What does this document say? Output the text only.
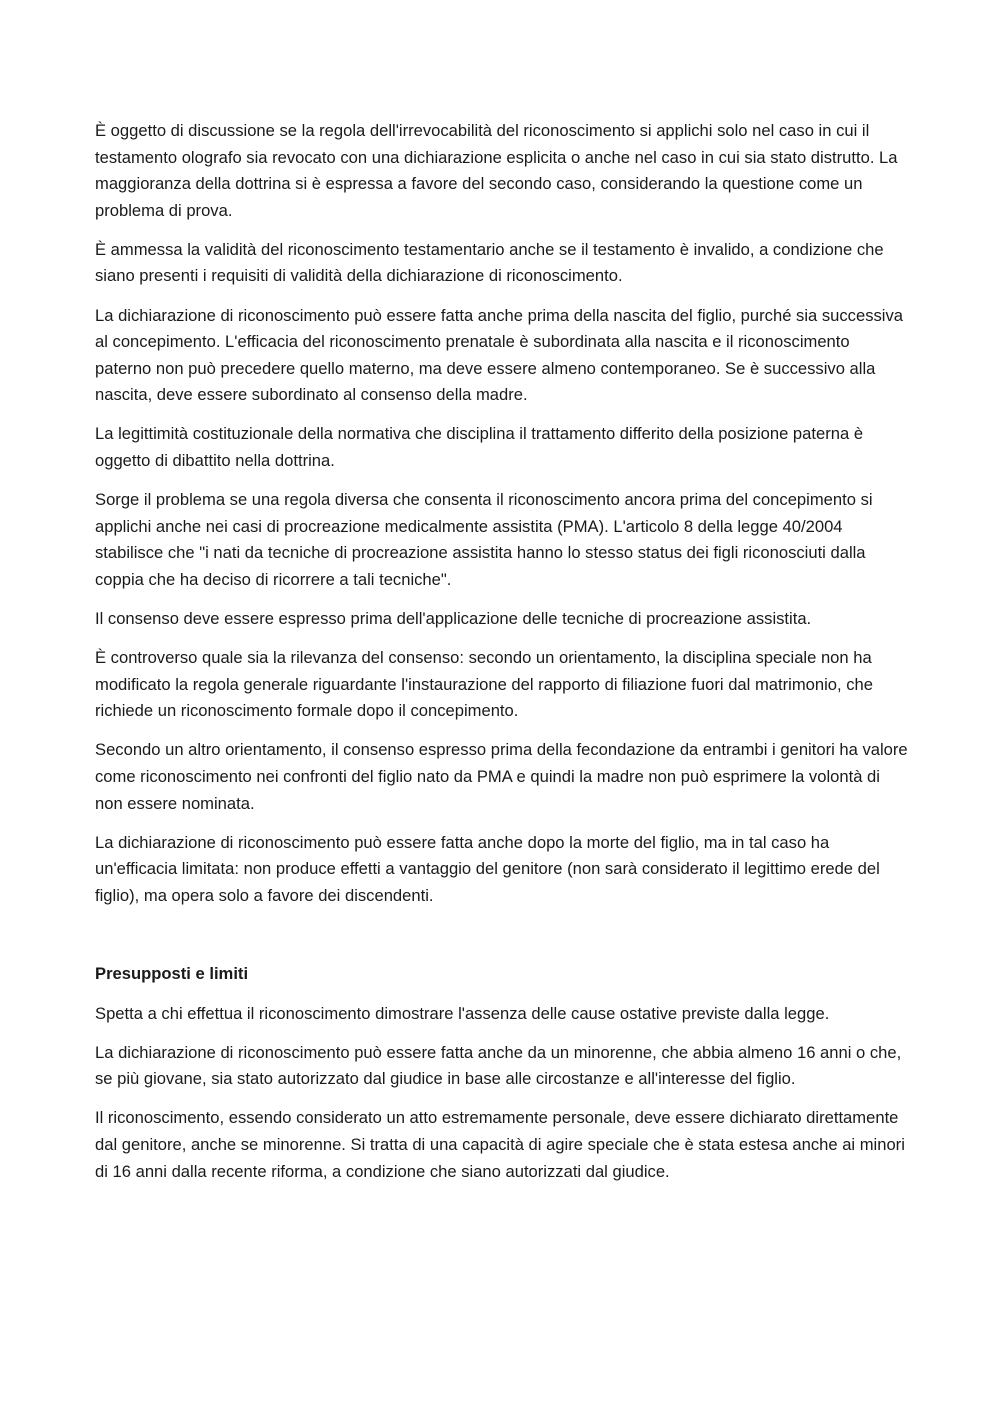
È oggetto di discussione se la regola dell'irrevocabilità del riconoscimento si applichi solo nel caso in cui il testamento olografo sia revocato con una dichiarazione esplicita o anche nel caso in cui sia stato distrutto. La maggioranza della dottrina si è espressa a favore del secondo caso, considerando la questione come un problema di prova.

È ammessa la validità del riconoscimento testamentario anche se il testamento è invalido, a condizione che siano presenti i requisiti di validità della dichiarazione di riconoscimento.

La dichiarazione di riconoscimento può essere fatta anche prima della nascita del figlio, purché sia successiva al concepimento. L'efficacia del riconoscimento prenatale è subordinata alla nascita e il riconoscimento paterno non può precedere quello materno, ma deve essere almeno contemporaneo. Se è successivo alla nascita, deve essere subordinato al consenso della madre.

La legittimità costituzionale della normativa che disciplina il trattamento differito della posizione paterna è oggetto di dibattito nella dottrina.

Sorge il problema se una regola diversa che consenta il riconoscimento ancora prima del concepimento si applichi anche nei casi di procreazione medicalmente assistita (PMA). L'articolo 8 della legge 40/2004 stabilisce che "i nati da tecniche di procreazione assistita hanno lo stesso status dei figli riconosciuti dalla coppia che ha deciso di ricorrere a tali tecniche".

Il consenso deve essere espresso prima dell'applicazione delle tecniche di procreazione assistita.

È controverso quale sia la rilevanza del consenso: secondo un orientamento, la disciplina speciale non ha modificato la regola generale riguardante l'instaurazione del rapporto di filiazione fuori dal matrimonio, che richiede un riconoscimento formale dopo il concepimento.

Secondo un altro orientamento, il consenso espresso prima della fecondazione da entrambi i genitori ha valore come riconoscimento nei confronti del figlio nato da PMA e quindi la madre non può esprimere la volontà di non essere nominata.

La dichiarazione di riconoscimento può essere fatta anche dopo la morte del figlio, ma in tal caso ha un'efficacia limitata: non produce effetti a vantaggio del genitore (non sarà considerato il legittimo erede del figlio), ma opera solo a favore dei discendenti.

Presupposti e limiti

Spetta a chi effettua il riconoscimento dimostrare l'assenza delle cause ostative previste dalla legge.

La dichiarazione di riconoscimento può essere fatta anche da un minorenne, che abbia almeno 16 anni o che, se più giovane, sia stato autorizzato dal giudice in base alle circostanze e all'interesse del figlio.

Il riconoscimento, essendo considerato un atto estremamente personale, deve essere dichiarato direttamente dal genitore, anche se minorenne. Si tratta di una capacità di agire speciale che è stata estesa anche ai minori di 16 anni dalla recente riforma, a condizione che siano autorizzati dal giudice.
